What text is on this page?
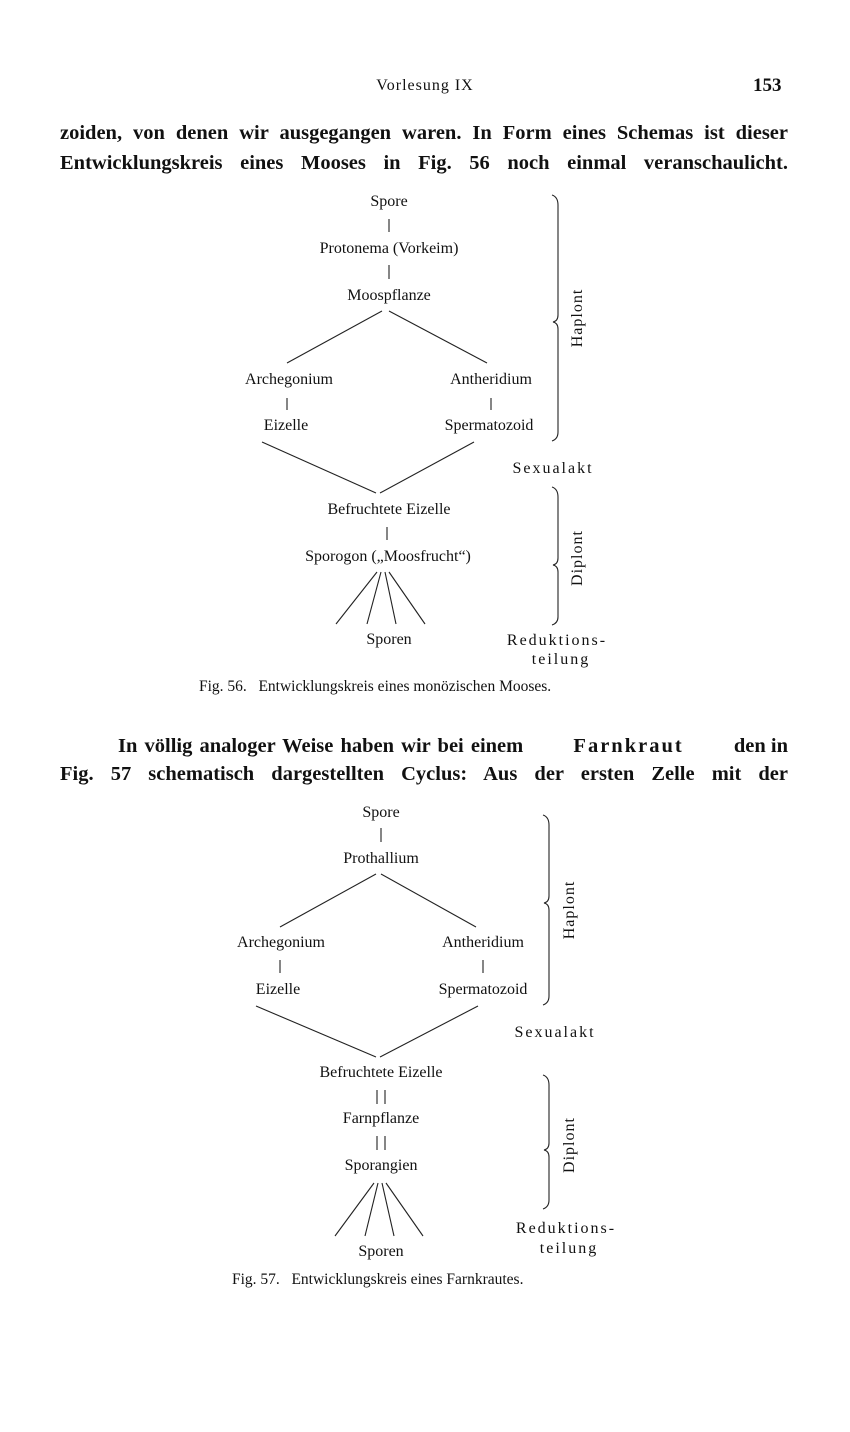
Vorlesung IX	153
zoiden, von denen wir ausgegangen waren. In Form eines Schemas ist dieser
Entwicklungskreis eines Mooses in Fig. 56 noch einmal veranschaulicht.
Spore
Protonema (Vorkeim)
Moospflanze
Archegonium	Antheridium
Eizelle	Spermatozoid
Befruchtete Eizelle
Sporogon („Moosfrucht“)
Sporen
Haplont
Diplont
Sexualakt
Reduktions-
teilung
Fig. 56. Entwicklungskreis eines monözischen Mooses.
In völlig analoger Weise haben wir bei einem Farnkraut den in
Fig. 57 schematisch dargestellten Cyclus: Aus der ersten Zelle mit der
Spore
Prothallium
Archegonium	Antheridium
Eizelle	Spermatozoid
Befruchtete Eizelle
Farnpflanze
Sporangien
Sporen
Haplont
Diplont
Sexualakt
Reduktions-
teilung
Fig. 57. Entwicklungskreis eines Farnkrautes.
